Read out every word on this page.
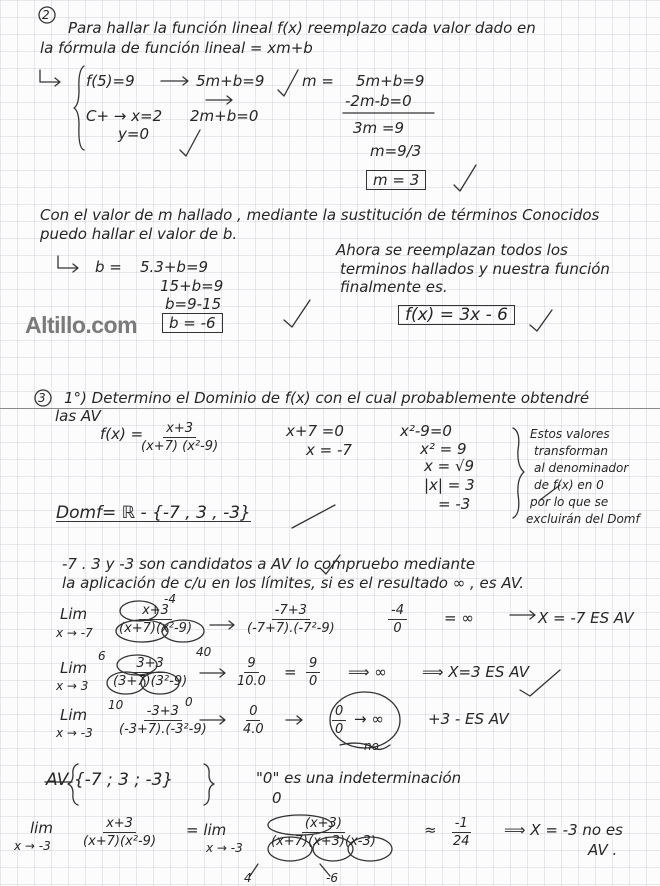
2
Para hallar la función lineal f(x) reemplazo cada valor dado en
la fórmula de función lineal = xm+b
f(5)=9
C+ → x=2
y=0
5m+b=9
2m+b=0
m = 5m+b=9
-2m-b=0
3m =9
m=9/3
m = 3
Con el valor de m hallado , mediante la sustitución de términos Conocidos
puedo hallar el valor de b.
b = 5.3+b=9
15+b=9
b=9-15
b = -6
Ahora se reemplazan todos los
terminos hallados y nuestra función
finalmente es.
f(x) = 3x - 6
Altillo.com
3 1°) Determino el Dominio de f(x) con el cual probablemente obtendré
las AV
f(x) =
$\frac{x+3}{\text{(x+7) (x²-9)}}$	x+7 =0
x = -7
x²-9=0
x² = 9
x = √9
|x| = 3
= -3
Estos valores
transforman
al denominador
de f(x) en 0
por lo que se
excluirán del Domf
Domf= ℝ - {-7 , 3 , -3}
-7 . 3 y -3 son candidatos a AV lo compruebo mediante
la aplicación de c/u en los límites, si es el resultado ∞ , es AV.
Lim
$x \to -7 \frac{x+3}{\text{(x+7)(x²-9)}}$
-4
40
$\frac{-7+3}{\text{(-7+7).(-7²-9)}}$	$\frac{-4}{0}$ = ∞	X = -7 ES AV
Lim
$x \to 3 \frac{3+3}{\text{(3+7)(3²-9)}}$
6
10	0
$\frac{9}{10.0} = \frac{9}{0}$ ⟹ ∞ ⟹ X=3 ES AV
Lim
$x \to -3 \frac{-3+3}{\text{(-3+7).(-3²-9)}} \frac{0}{4.0}$	$\frac{0}{0}$ → ∞	+3 - ES AV
no
AV {-7 ; 3 ; -3}	"0" es una indeterminación
0
lim
$x \to -3 \frac{x+3}{\text{(x+7)(x²-9)}} = \lim$
$x \to -3 \frac{(x+3)}{(x+7)(x+3)(x-3)}$
4	-6
≈ $\frac{-1}{24}$ ⟹ X = -3 no es
AV .
